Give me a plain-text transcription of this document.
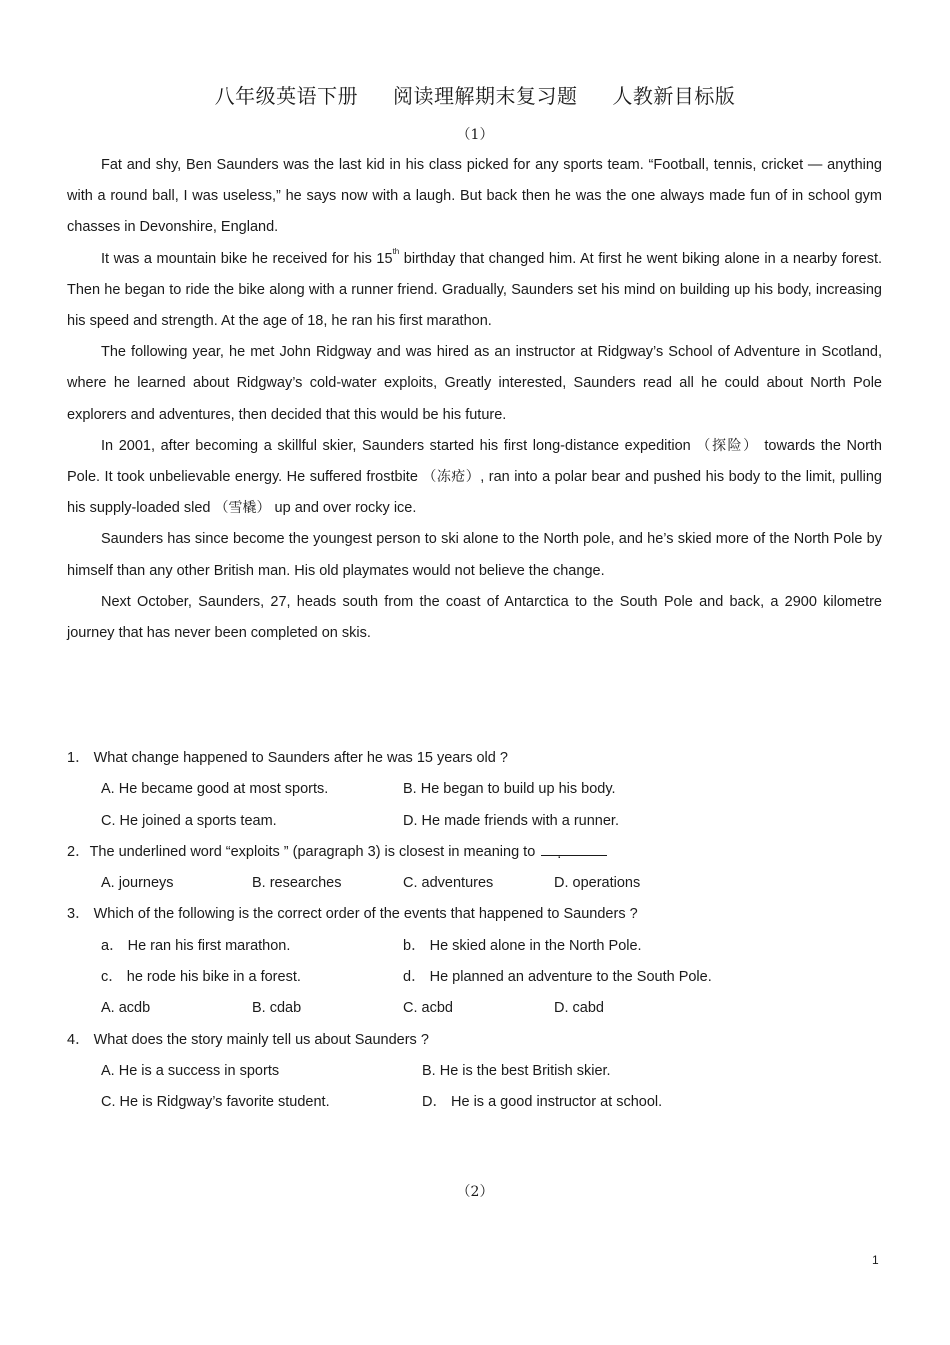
八年级英语下册 阅读理解期末复习题 人教新目标版
（1）

Fat and shy, Ben Saunders was the last kid in his class picked for any sports team. “Football, tennis, cricket — anything with a round ball, I was useless,” he says now with a laugh. But back then he was the one always made fun of in school gym chasses in Devonshire, England.

It was a mountain bike he received for his 15th birthday that changed him. At first he went biking alone in a nearby forest. Then he began to ride the bike along with a runner friend. Gradually, Saunders set his mind on building up his body, increasing his speed and strength. At the age of 18, he ran his first marathon.

The following year, he met John Ridgway and was hired as an instructor at Ridgway’s School of Adventure in Scotland, where he learned about Ridgway’s cold-water exploits, Greatly interested, Saunders read all he could about North Pole explorers and adventures, then decided that this would be his future.

In 2001, after becoming a skillful skier, Saunders started his first long-distance expedition （探险） towards the North Pole. It took unbelievable energy. He suffered frostbite （冻疮）, ran into a polar bear and pushed his body to the limit, pulling his supply-loaded sled （雪橇） up and over rocky ice.

Saunders has since become the youngest person to ski alone to the North pole, and he’s skied more of the North Pole by himself than any other British man. His old playmates would not believe the change.

Next October, Saunders, 27, heads south from the coast of Antarctica to the South Pole and back, a 2900 kilometre journey that has never been completed on skis.

1． What change happened to Saunders after he was 15 years old ?

A. He became good at most sports.	B. He began to build up his body.
C. He joined a sports team.	D. He made friends with a runner.

2．The underlined word “exploits ” (paragraph 3) is closest in meaning to .

A. journeys	B. researches	C. adventures	D. operations

3． Which of the following is the correct order of the events that happened to Saunders ?

a． He ran his first marathon.	b． He skied alone in the North Pole.
c． he rode his bike in a forest.	d． He planned an adventure to the South Pole.
A. acdb	B. cdab	C. acbd	D. cabd

4． What does the story mainly tell us about Saunders ?

A. He is a success in sports	B. He is the best British skier.
C. He is Ridgway’s favorite student.	D． He is a good instructor at school.
（2）
1
